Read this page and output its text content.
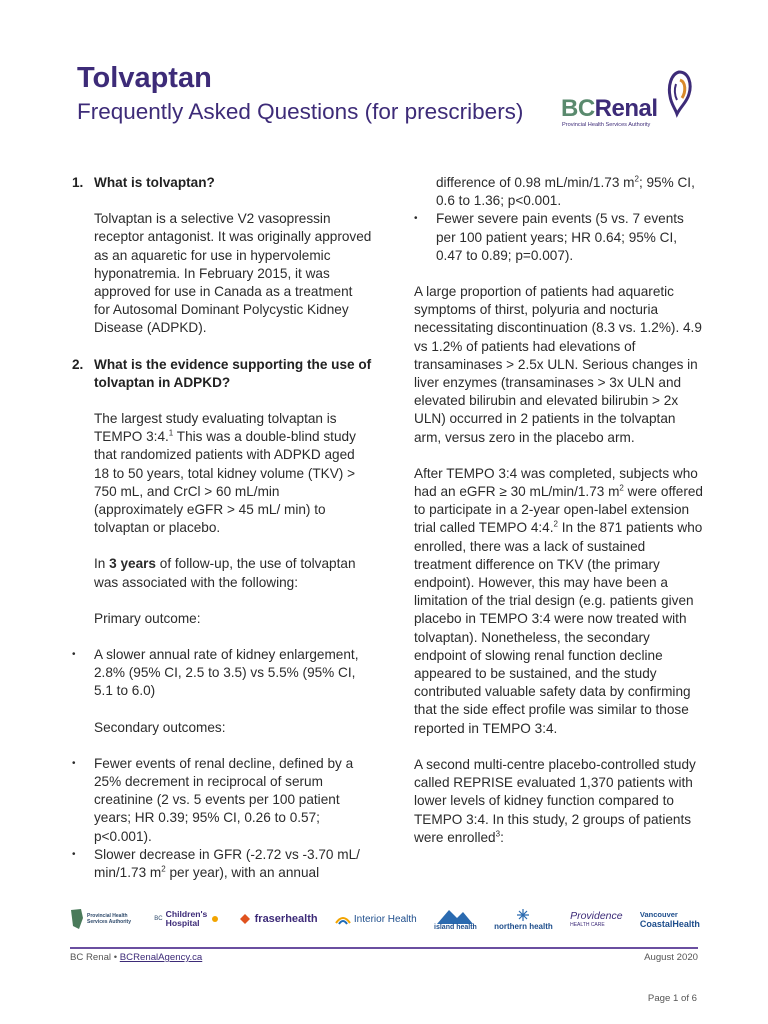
Tolvaptan
Frequently Asked Questions (for prescribers) BCRenal
Provincial Health Services Authority
1. What is tolvaptan?

Tolvaptan is a selective V2 vasopressin receptor antagonist. It was originally approved as an aquaretic for use in hypervolemic hyponatremia. In February 2015, it was approved for use in Canada as a treatment for Autosomal Dominant Polycystic Kidney Disease (ADPKD).

2. What is the evidence supporting the use of tolvaptan in ADPKD?

The largest study evaluating tolvaptan is TEMPO 3:4.$^1$ This was a double-blind study that randomized patients with ADPKD aged 18 to 50 years, total kidney volume (TKV) > 750 mL, and CrCl > 60 mL/min (approximately eGFR > 45 mL/ min) to tolvaptan or placebo.

In 3 years of follow-up, the use of tolvaptan was associated with the following:

Primary outcome:

• A slower annual rate of kidney enlargement, 2.8% (95% CI, 2.5 to 3.5) vs 5.5% (95% CI, 5.1 to 6.0)

Secondary outcomes:

• Fewer events of renal decline, defined by a 25% decrement in reciprocal of serum creatinine (2 vs. 5 events per 100 patient years; HR 0.39; 95% CI, 0.26 to 0.57; p<0.001).
• Slower decrease in GFR (-2.72 vs -3.70 mL/ min/1.73 $m^2$ per year), with an annual
difference of 0.98 mL/min/1.73 $m^2$; 95% CI, 0.6 to 1.36; p<0.001.
• Fewer severe pain events (5 vs. 7 events per 100 patient years; HR 0.64; 95% CI, 0.47 to 0.89; p=0.007).

A large proportion of patients had aquaretic symptoms of thirst, polyuria and nocturia necessitating discontinuation (8.3 vs. 1.2%). 4.9 vs 1.2% of patients had elevations of transaminases > 2.5x ULN. Serious changes in liver enzymes (transaminases > 3x ULN and elevated bilirubin and elevated bilirubin > 2x ULN) occurred in 2 patients in the tolvaptan arm, versus zero in the placebo arm.

After TEMPO 3:4 was completed, subjects who had an eGFR ≥ 30 mL/min/1.73 $m^2$ were offered to participate in a 2-year open-label extension trial called TEMPO 4:4.$^2$ In the 871 patients who enrolled, there was a lack of sustained treatment difference on TKV (the primary endpoint). However, this may have been a limitation of the trial design (e.g. patients given placebo in TEMPO 3:4 were now treated with tolvaptan). Nonetheless, the secondary endpoint of slowing renal function decline appeared to be sustained, and the study contributed valuable safety data by confirming that the side effect profile was similar to those reported in TEMPO 3:4.

A second multi-centre placebo-controlled study called REPRISE evaluated 1,370 patients with lower levels of kidney function compared to TEMPO 3:4. In this study, 2 groups of patients were enrolled$^3$:

Provincial Health Services Authority	BC Children's
Hospital	fraserhealth	Interior Health
island health northern health
Providence
HEALTH CARE
Vancouver
CoastalHealth
BC Renal • BCRenalAgency.ca	August 2020
Page 1 of 6
